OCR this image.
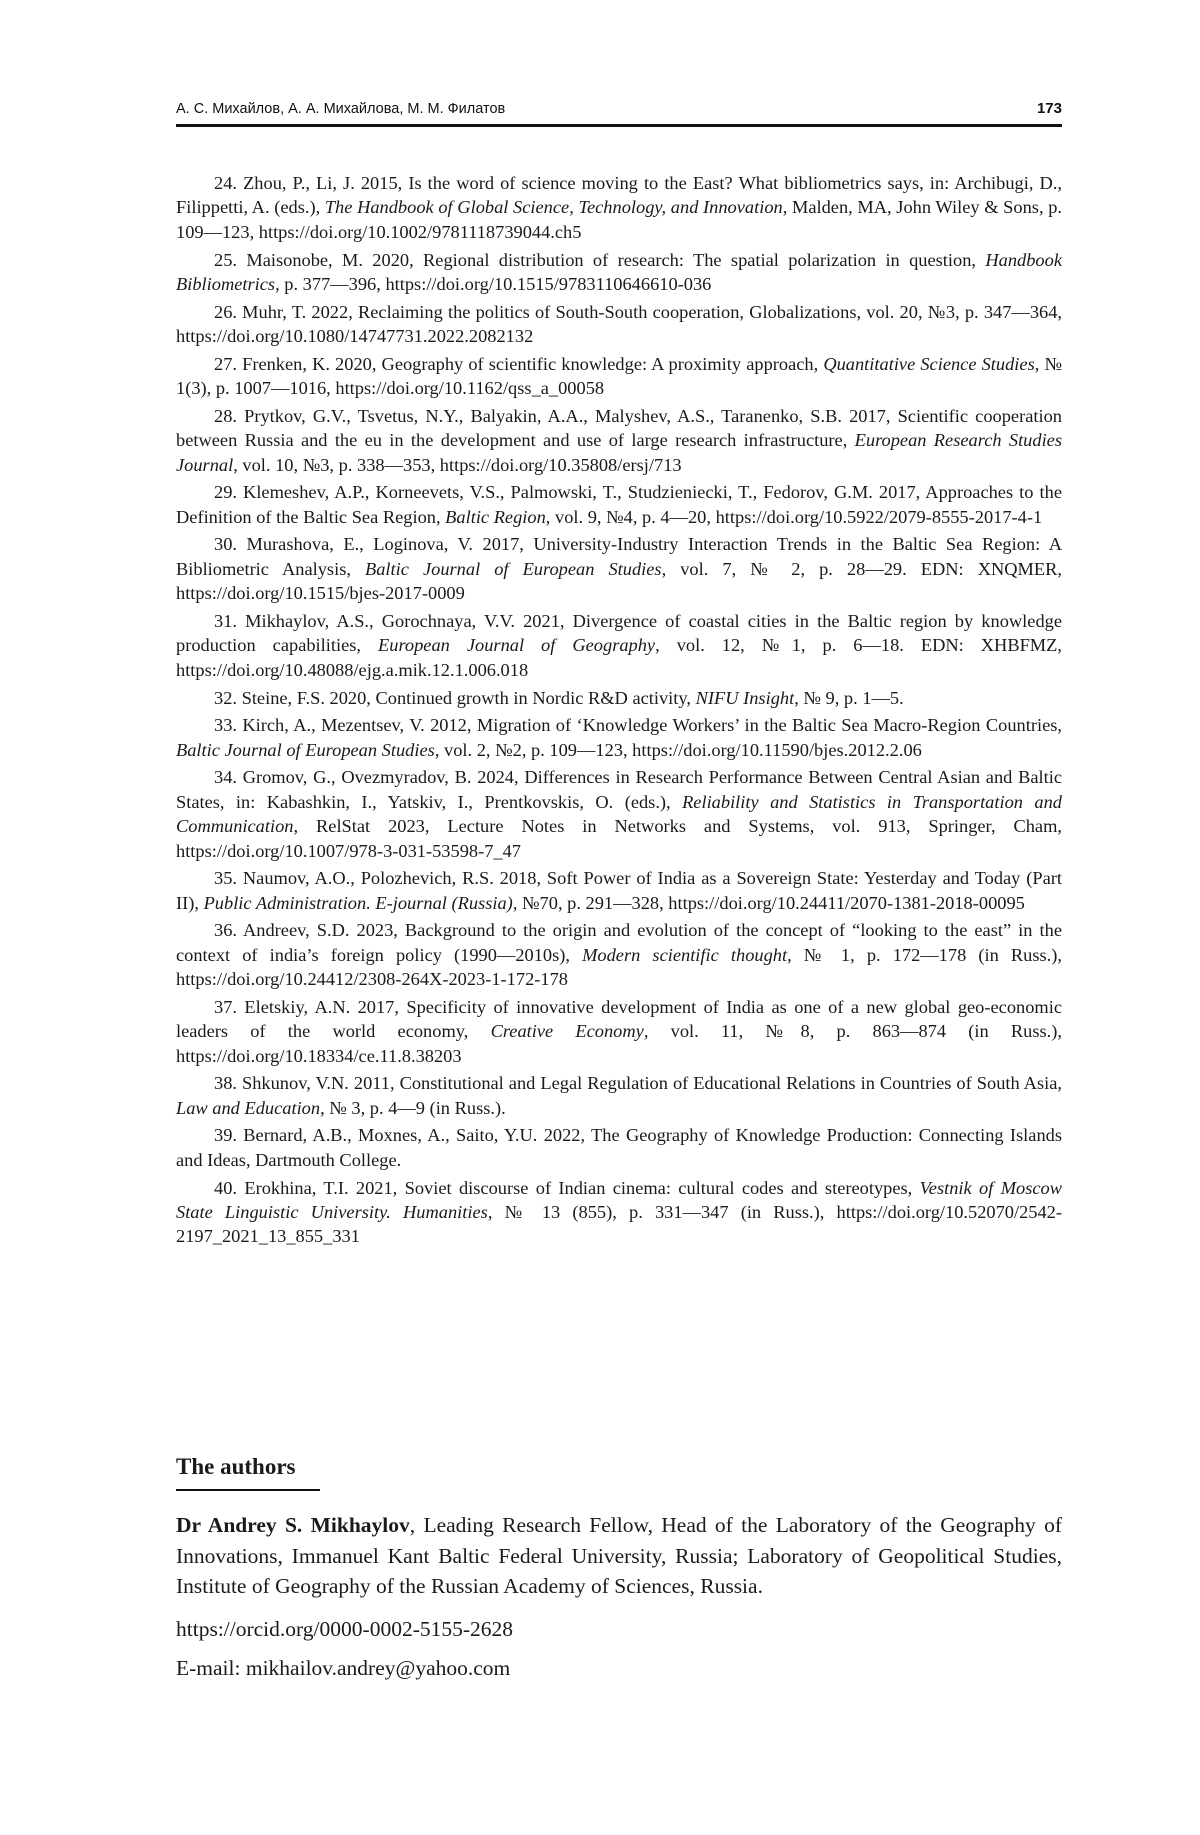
А. С. Михайлов, А. А. Михайлова, М. М. Филатов	173

24. Zhou, P., Li, J. 2015, Is the word of science moving to the East? What bibliometrics says, in: Archibugi, D., Filippetti, A. (eds.), The Handbook of Global Science, Technology, and Innovation, Malden, MA, John Wiley & Sons, p. 109—123, https://doi.org/10.1002/9781118739044.ch5

25. Maisonobe, M. 2020, Regional distribution of research: The spatial polarization in question, Handbook Bibliometrics, p. 377—396, https://doi.org/10.1515/9783110646610-036

26. Muhr, T. 2022, Reclaiming the politics of South-South cooperation, Globalizations, vol. 20, №3, p. 347—364, https://doi.org/10.1080/14747731.2022.2082132

27. Frenken, K. 2020, Geography of scientific knowledge: A proximity approach, Quantitative Science Studies, № 1(3), p. 1007—1016, https://doi.org/10.1162/qss_a_00058

28. Prytkov, G.V., Tsvetus, N.Y., Balyakin, A.A., Malyshev, A.S., Taranenko, S.B. 2017, Scientific cooperation between Russia and the eu in the development and use of large research infrastructure, European Research Studies Journal, vol. 10, №3, p. 338—353, https://doi.org/10.35808/ersj/713

29. Klemeshev, A.P., Korneevets, V.S., Palmowski, T., Studzieniecki, T., Fedorov, G.M. 2017, Approaches to the Definition of the Baltic Sea Region, Baltic Region, vol. 9, №4, p. 4—20, https://doi.org/10.5922/2079-8555-2017-4-1

30. Murashova, E., Loginova, V. 2017, University-Industry Interaction Trends in the Baltic Sea Region: A Bibliometric Analysis, Baltic Journal of European Studies, vol. 7, № 2, p. 28—29. EDN: XNQMER, https://doi.org/10.1515/bjes-2017-0009

31. Mikhaylov, A.S., Gorochnaya, V.V. 2021, Divergence of coastal cities in the Baltic region by knowledge production capabilities, European Journal of Geography, vol. 12, №1, p. 6—18. EDN: XHBFMZ, https://doi.org/10.48088/ejg.a.mik.12.1.006.018

32. Steine, F.S. 2020, Continued growth in Nordic R&D activity, NIFU Insight, № 9, p. 1—5.

33. Kirch, A., Mezentsev, V. 2012, Migration of ‘Knowledge Workers’ in the Baltic Sea Macro-Region Countries, Baltic Journal of European Studies, vol. 2, №2, p. 109—123, https://doi.org/10.11590/bjes.2012.2.06

34. Gromov, G., Ovezmyradov, B. 2024, Differences in Research Performance Between Central Asian and Baltic States, in: Kabashkin, I., Yatskiv, I., Prentkovskis, O. (eds.), Reliability and Statistics in Transportation and Communication, RelStat 2023, Lecture Notes in Networks and Systems, vol. 913, Springer, Cham, https://doi.org/10.1007/978-3-031-53598-7_47

35. Naumov, A.O., Polozhevich, R.S. 2018, Soft Power of India as a Sovereign State: Yesterday and Today (Part II), Public Administration. E-journal (Russia), №70, p. 291—328, https://doi.org/10.24411/2070-1381-2018-00095

36. Andreev, S.D. 2023, Background to the origin and evolution of the concept of “looking to the east” in the context of india’s foreign policy (1990—2010s), Modern scientific thought, № 1, p. 172—178 (in Russ.), https://doi.org/10.24412/2308-264X-2023-1-172-178

37. Eletskiy, A.N. 2017, Specificity of innovative development of India as one of a new global geo-economic leaders of the world economy, Creative Economy, vol. 11, №8, p. 863—874 (in Russ.), https://doi.org/10.18334/ce.11.8.38203

38. Shkunov, V.N. 2011, Constitutional and Legal Regulation of Educational Relations in Countries of South Asia, Law and Education, № 3, p. 4—9 (in Russ.).

39. Bernard, A.B., Moxnes, A., Saito, Y.U. 2022, The Geography of Knowledge Production: Connecting Islands and Ideas, Dartmouth College.

40. Erokhina, T.I. 2021, Soviet discourse of Indian cinema: cultural codes and stereotypes, Vestnik of Moscow State Linguistic University. Humanities, № 13 (855), p. 331—347 (in Russ.), https://doi.org/10.52070/2542-2197_2021_13_855_331

The authors

Dr Andrey S. Mikhaylov, Leading Research Fellow, Head of the Laboratory of the Geography of Innovations, Immanuel Kant Baltic Federal University, Russia; Laboratory of Geopolitical Studies, Institute of Geography of the Russian Academy of Sciences, Russia.

https://orcid.org/0000-0002-5155-2628

E-mail: mikhailov.andrey@yahoo.com
